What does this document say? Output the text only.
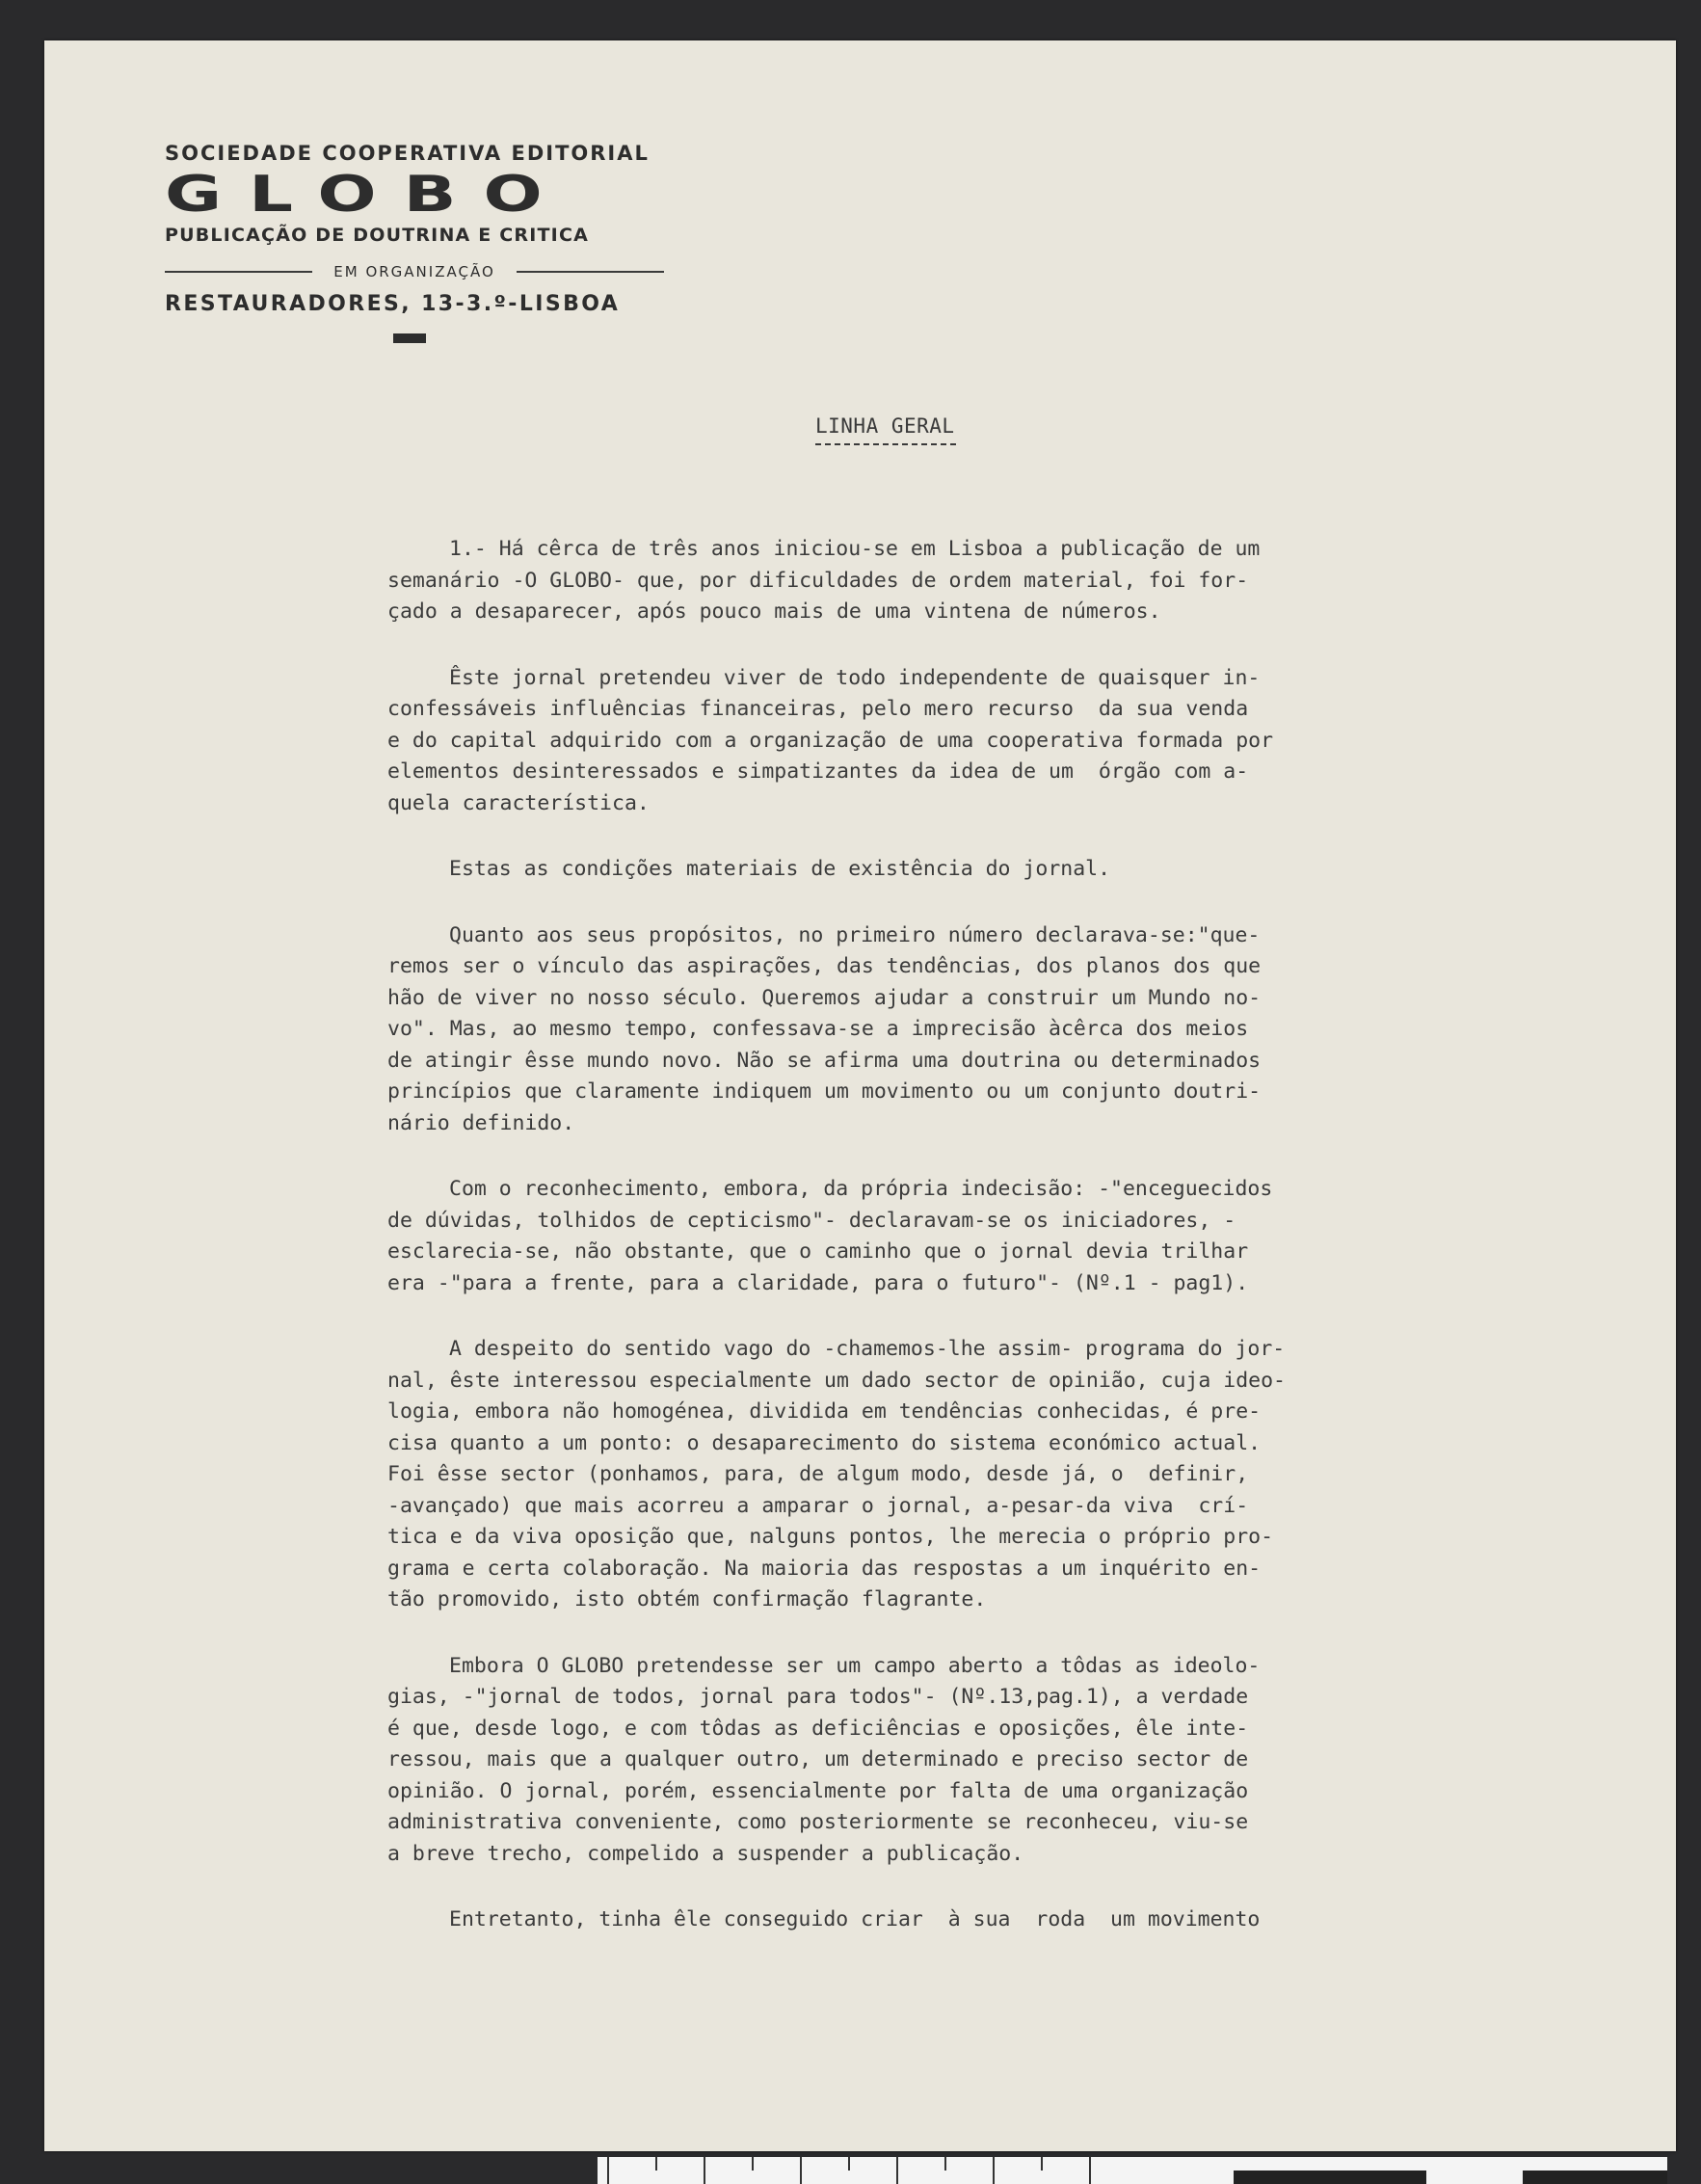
SOCIEDADE COOPERATIVA EDITORIAL
GLOBO
PUBLICAÇÃO DE DOUTRINA E CRITICA
EM ORGANIZAÇÃO
RESTAURADORES, 13-3.º-LISBOA
LINHA GERAL
1.- Há cêrca de três anos iniciou-se em Lisboa a publicação de um
semanário -O GLOBO- que, por dificuldades de ordem material, foi for-
çado a desaparecer, após pouco mais de uma vintena de números.
Êste jornal pretendeu viver de todo independente de quaisquer in-
confessáveis influências financeiras, pelo mero recurso  da sua venda
e do capital adquirido com a organização de uma cooperativa formada por
elementos desinteressados e simpatizantes da idea de um  órgão com a-
quela característica.
Estas as condições materiais de existência do jornal.
Quanto aos seus propósitos, no primeiro número declarava-se:"que-
remos ser o vínculo das aspirações, das tendências, dos planos dos que
hão de viver no nosso século. Queremos ajudar a construir um Mundo no-
vo". Mas, ao mesmo tempo, confessava-se a imprecisão àcêrca dos meios
de atingir êsse mundo novo. Não se afirma uma doutrina ou determinados
princípios que claramente indiquem um movimento ou um conjunto doutri-
nário definido.
Com o reconhecimento, embora, da própria indecisão: -"enceguecidos
de dúvidas, tolhidos de cepticismo"- declaravam-se os iniciadores, -
esclarecia-se, não obstante, que o caminho que o jornal devia trilhar
era -"para a frente, para a claridade, para o futuro"- (Nº.1 - pag1).
A despeito do sentido vago do -chamemos-lhe assim- programa do jor-
nal, êste interessou especialmente um dado sector de opinião, cuja ideo-
logia, embora não homogénea, dividida em tendências conhecidas, é pre-
cisa quanto a um ponto: o desaparecimento do sistema económico actual.
Foi êsse sector (ponhamos, para, de algum modo, desde já, o  definir,
-avançado) que mais acorreu a amparar o jornal, a-pesar-da viva  crí-
tica e da viva oposição que, nalguns pontos, lhe merecia o próprio pro-
grama e certa colaboração. Na maioria das respostas a um inquérito en-
tão promovido, isto obtém confirmação flagrante.
Embora O GLOBO pretendesse ser um campo aberto a tôdas as ideolo-
gias, -"jornal de todos, jornal para todos"- (Nº.13,pag.1), a verdade
é que, desde logo, e com tôdas as deficiências e oposições, êle inte-
ressou, mais que a qualquer outro, um determinado e preciso sector de
opinião. O jornal, porém, essencialmente por falta de uma organização
administrativa conveniente, como posteriormente se reconheceu, viu-se
a breve trecho, compelido a suspender a publicação.
Entretanto, tinha êle conseguido criar  à sua  roda  um movimento
